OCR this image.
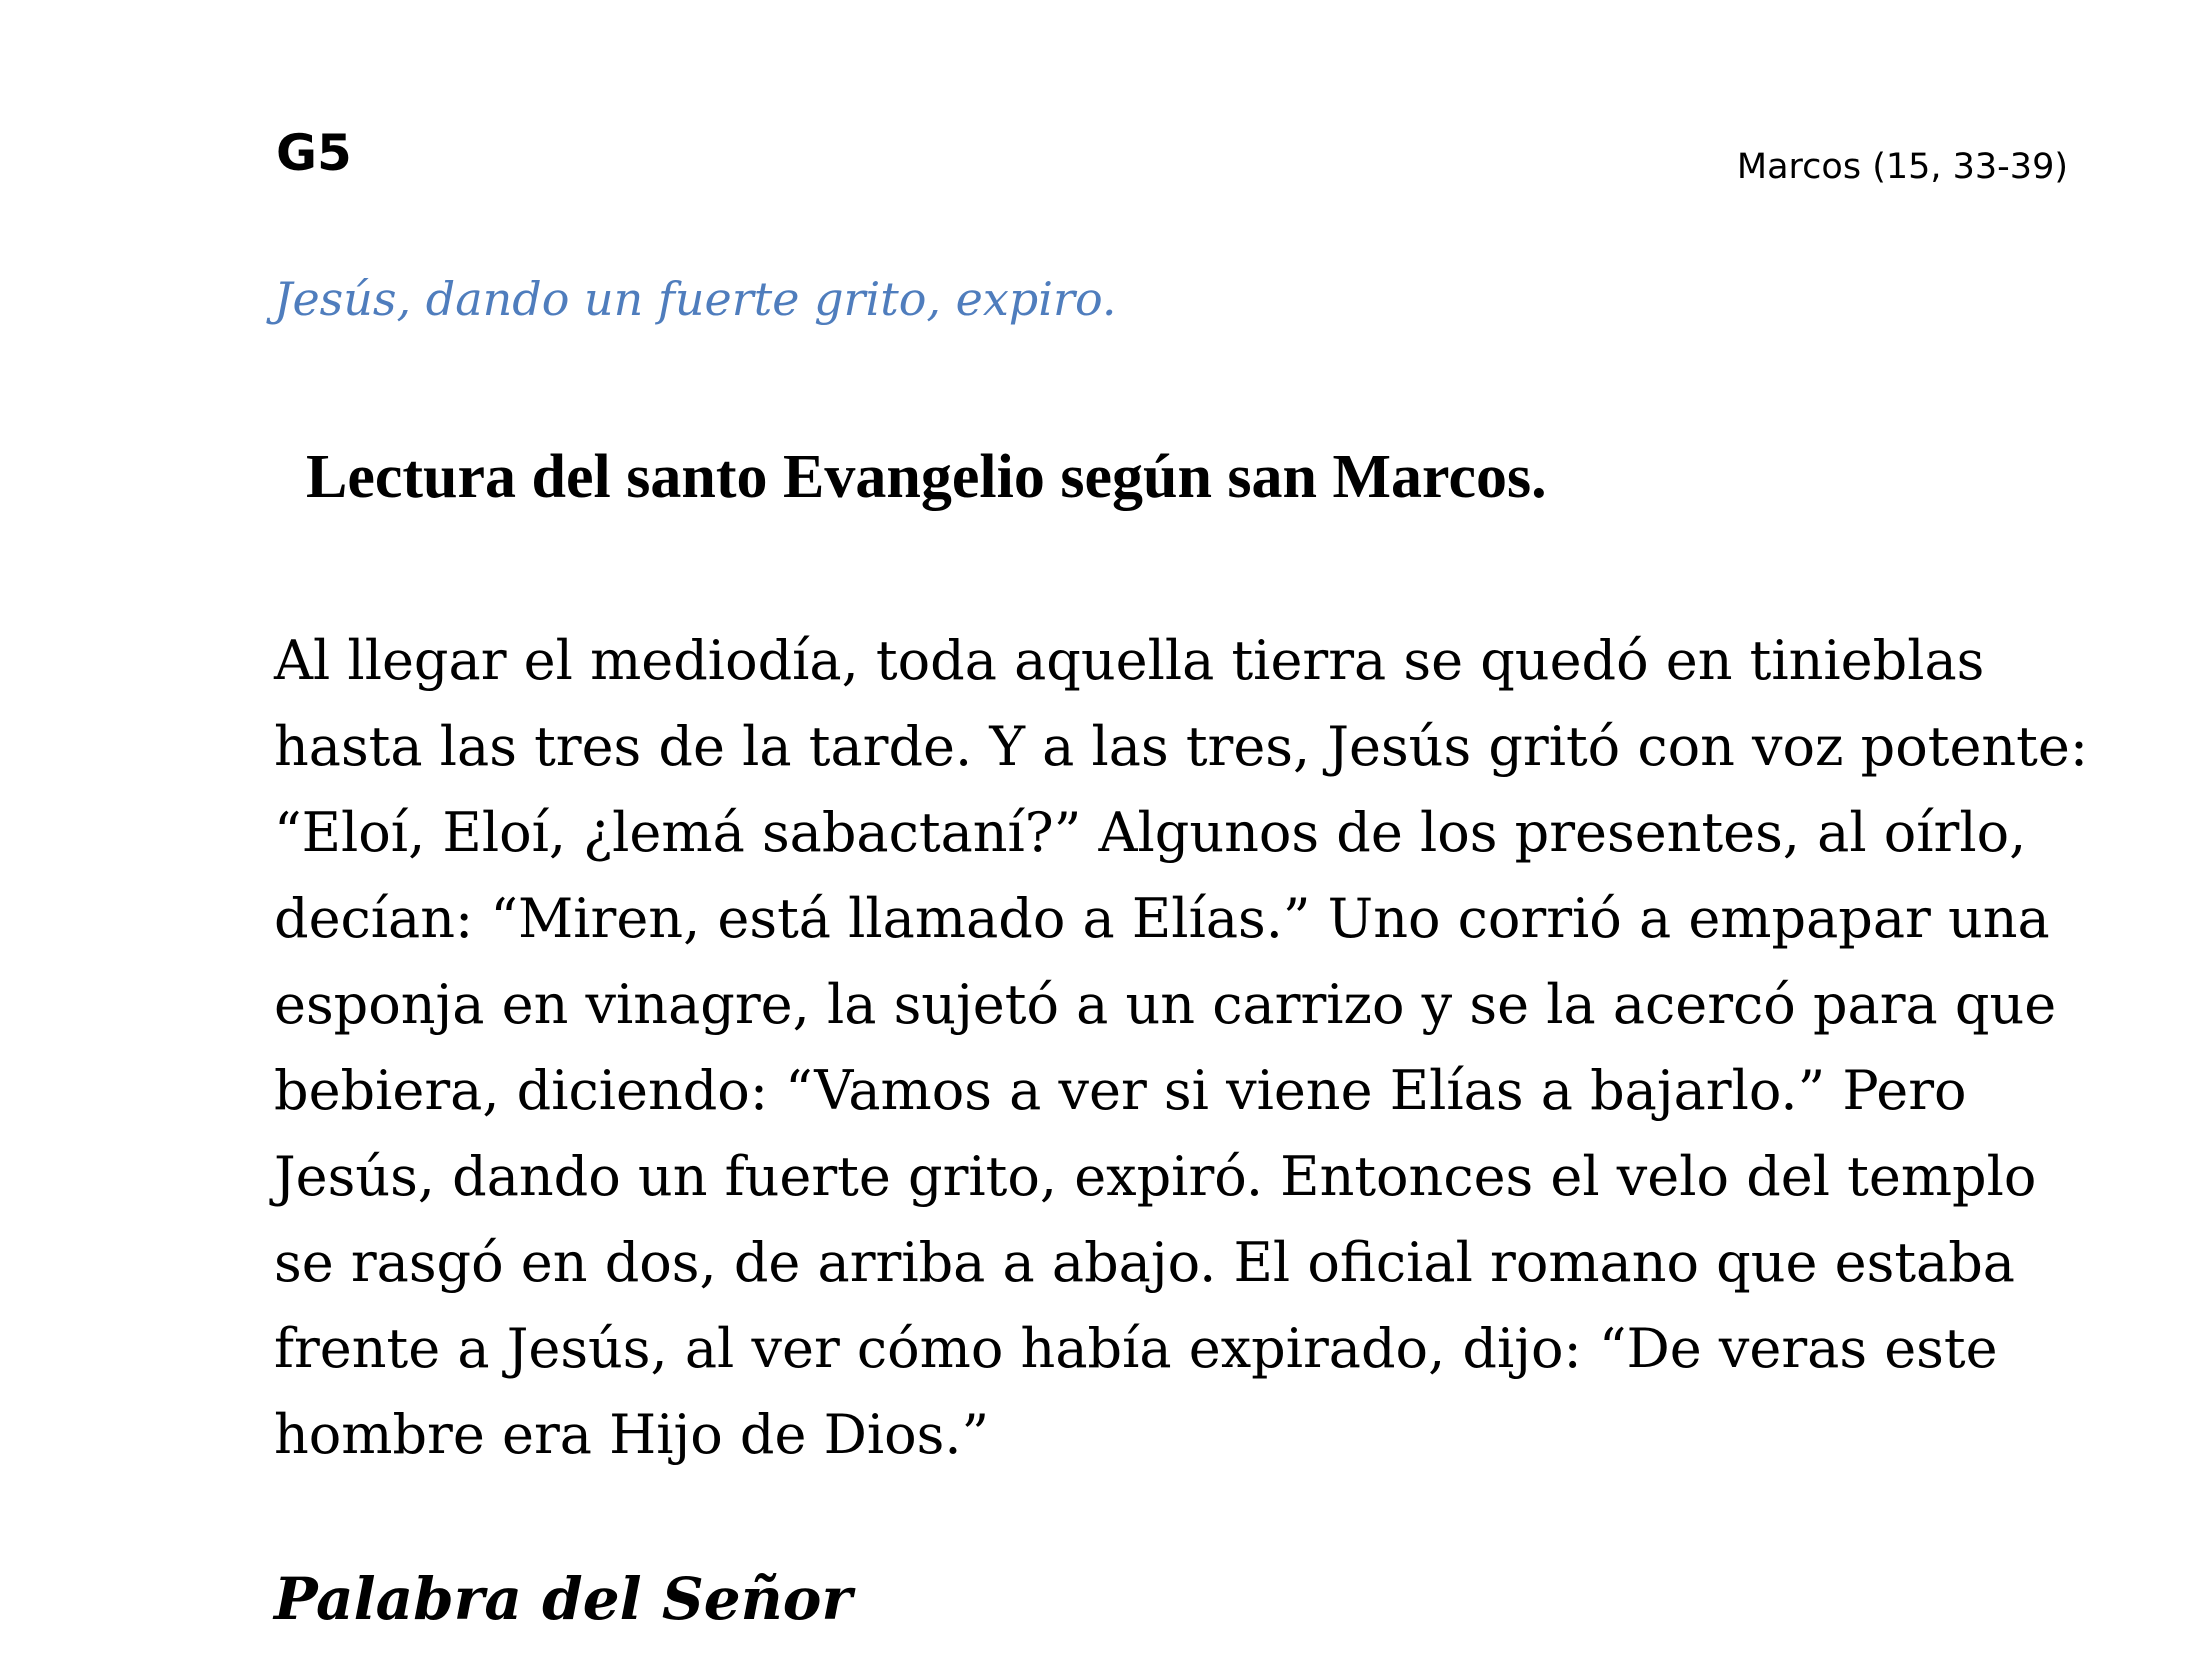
G5	Marcos (15, 33-39)
Jesús, dando un fuerte grito, expiro.
Lectura del santo Evangelio según san Marcos.
Al llegar el mediodía, toda aquella tierra se quedó en tinieblas
hasta las tres de la tarde. Y a las tres, Jesús gritó con voz potente:
“Eloí, Eloí, ¿lemá sabactaní?” Algunos de los presentes, al oírlo,
decían: “Miren, está llamado a Elías.” Uno corrió a empapar una
esponja en vinagre, la sujetó a un carrizo y se la acercó para que
bebiera, diciendo: “Vamos a ver si viene Elías a bajarlo.” Pero
Jesús, dando un fuerte grito, expiró. Entonces el velo del templo
se rasgó en dos, de arriba a abajo. El oficial romano que estaba
frente a Jesús, al ver cómo había expirado, dijo: “De veras este
hombre era Hijo de Dios.”
Palabra del Señor
